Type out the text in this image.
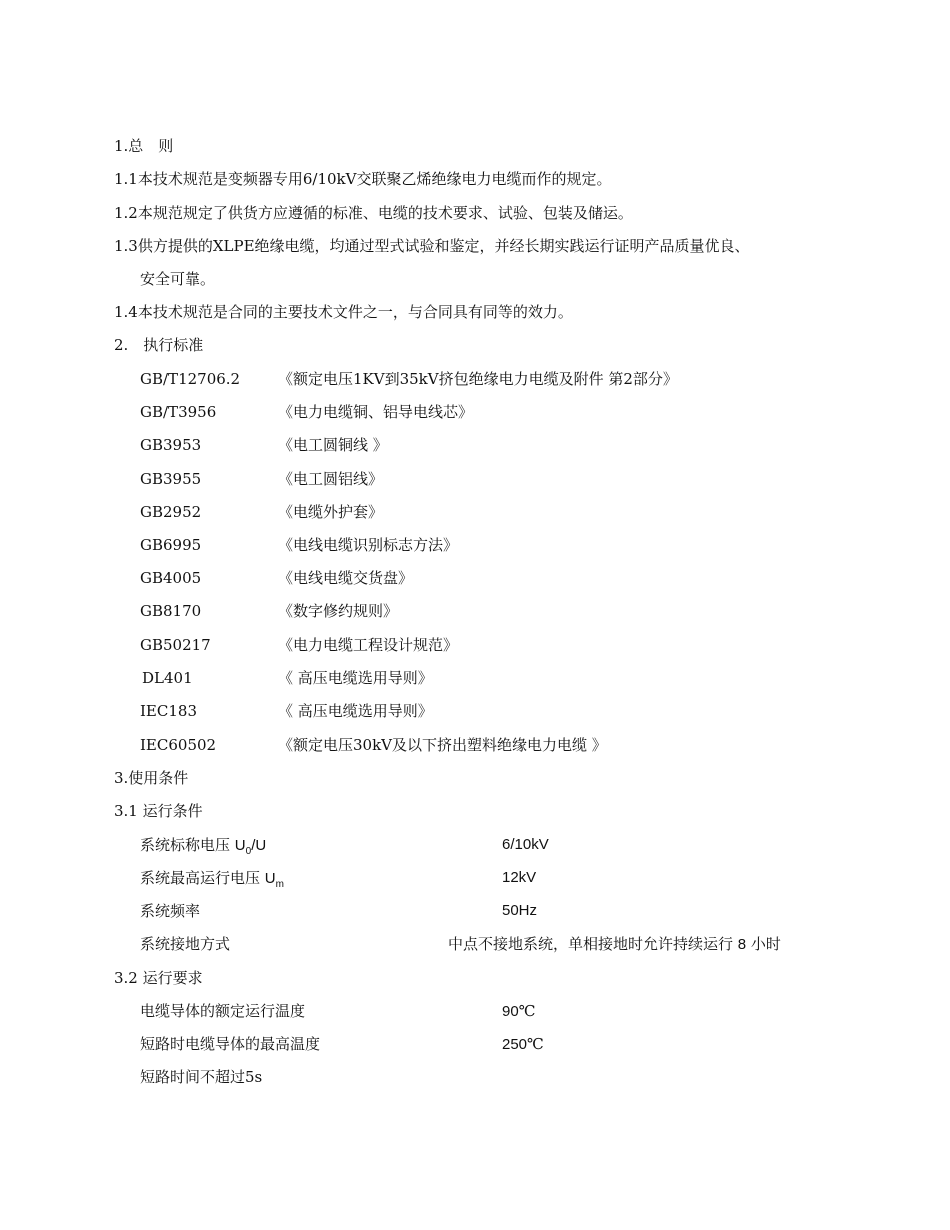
1.总　则
1.1本技术规范是变频器专用6/10kV交联聚乙烯绝缘电力电缆而作的规定。
1.2本规范规定了供货方应遵循的标准、电缆的技术要求、试验、包装及储运。
1.3供方提供的XLPE绝缘电缆，均通过型式试验和鉴定，并经长期实践运行证明产品质量优良、
安全可靠。
1.4本技术规范是合同的主要技术文件之一，与合同具有同等的效力。
2.　执行标准
GB/T12706.2	《额定电压1KV到35kV挤包绝缘电力电缆及附件 第2部分》
GB/T3956	《电力电缆铜、铝导电线芯》
GB3953	《电工圆铜线 》
GB3955	《电工圆铝线》
GB2952	《电缆外护套》
GB6995	《电线电缆识别标志方法》
GB4005	《电线电缆交货盘》
GB8170	《数字修约规则》
GB50217	《电力电缆工程设计规范》
DL401	《 高压电缆选用导则》
IEC183	《 高压电缆选用导则》
IEC60502	《额定电压30kV及以下挤出塑料绝缘电力电缆 》
3.使用条件
3.1 运行条件
系统标称电压 $U_0/U$	6/10kV
系统最高运行电压 $U_m$	12kV
系统频率	50Hz
系统接地方式	中点不接地系统，单相接地时允许持续运行 8 小时
3.2 运行要求
电缆导体的额定运行温度	90℃
短路时电缆导体的最高温度	250℃
短路时间不超过5s
